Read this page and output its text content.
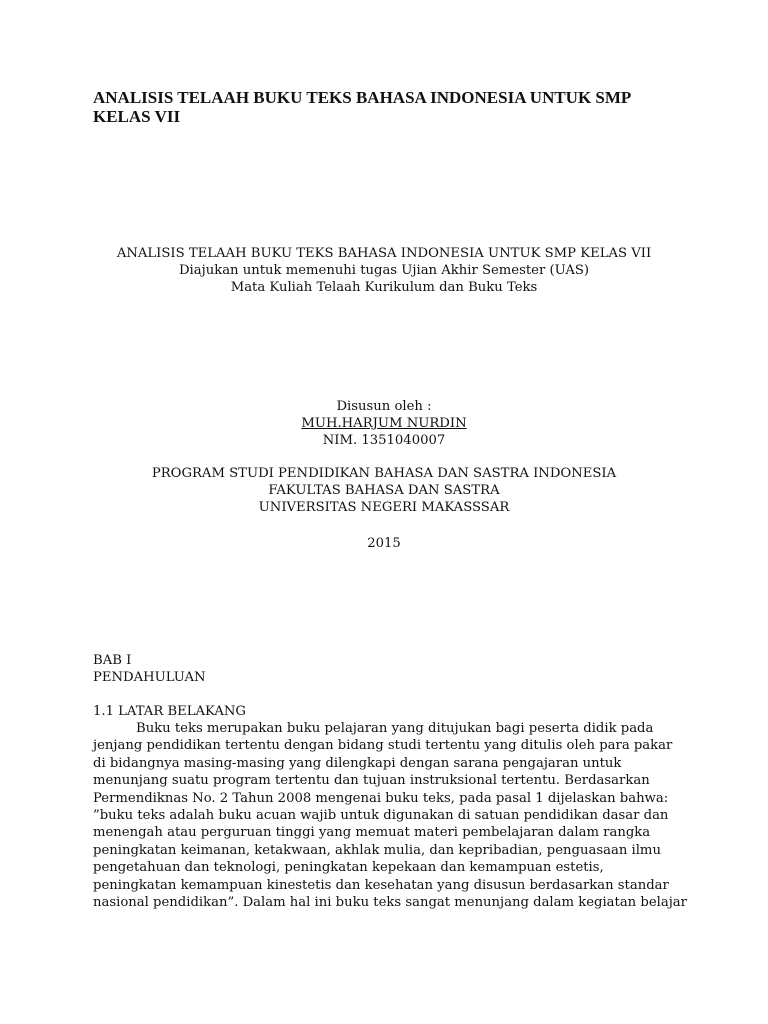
ANALISIS TELAAH BUKU TEKS BAHASA INDONESIA UNTUK SMP KELAS VII
ANALISIS TELAAH BUKU TEKS BAHASA INDONESIA UNTUK SMP KELAS VII
Diajukan untuk memenuhi tugas Ujian Akhir Semester (UAS)
Mata Kuliah Telaah Kurikulum dan Buku Teks
Disusun oleh :
MUH.HARJUM NURDIN
NIM. 1351040007
PROGRAM STUDI PENDIDIKAN BAHASA DAN SASTRA INDONESIA
FAKULTAS BAHASA DAN SASTRA
UNIVERSITAS NEGERI MAKASSSAR
2015
BAB I
PENDAHULUAN
1.1 LATAR BELAKANG
Buku teks merupakan buku pelajaran yang ditujukan bagi peserta didik pada
jenjang pendidikan tertentu dengan bidang studi tertentu yang ditulis oleh para pakar
di bidangnya masing-masing yang dilengkapi dengan sarana pengajaran untuk
menunjang suatu program tertentu dan tujuan instruksional tertentu. Berdasarkan
Permendiknas No. 2 Tahun 2008 mengenai buku teks, pada pasal 1 dijelaskan bahwa:
”buku teks adalah buku acuan wajib untuk digunakan di satuan pendidikan dasar dan
menengah atau perguruan tinggi yang memuat materi pembelajaran dalam rangka
peningkatan keimanan, ketakwaan, akhlak mulia, dan kepribadian, penguasaan ilmu
pengetahuan dan teknologi, peningkatan kepekaan dan kemampuan estetis,
peningkatan kemampuan kinestetis dan kesehatan yang disusun berdasarkan standar
nasional pendidikan”. Dalam hal ini buku teks sangat menunjang dalam kegiatan belajar
